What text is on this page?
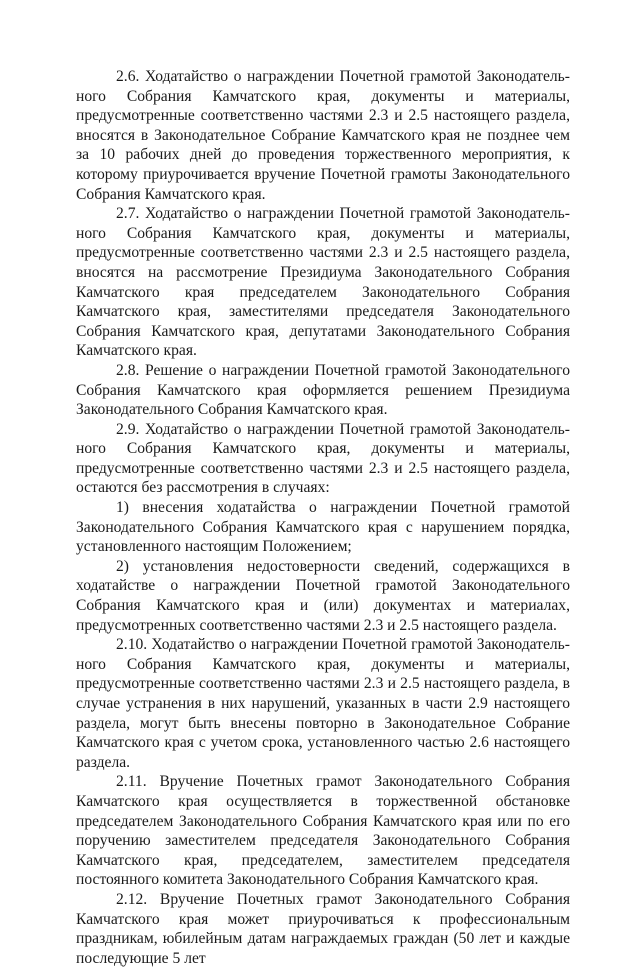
2.6. Ходатайство о награждении Почетной грамотой Законодательного Собрания Камчатского края, документы и материалы, предусмотренные соответственно частями 2.3 и 2.5 настоящего раздела, вносятся в Законодательное Собрание Камчатского края не позднее чем за 10 рабочих дней до проведения торжественного мероприятия, к которому приурочивается вручение Почетной грамоты Законодательного Собрания Камчатского края.

2.7. Ходатайство о награждении Почетной грамотой Законодательного Собрания Камчатского края, документы и материалы, предусмотренные соответственно частями 2.3 и 2.5 настоящего раздела, вносятся на рассмотрение Президиума Законодательного Собрания Камчатского края председателем Законодательного Собрания Камчатского края, заместителями председателя Законодательного Собрания Камчатского края, депутатами Законодательного Собрания Камчатского края.

2.8. Решение о награждении Почетной грамотой Законодательного Собрания Камчатского края оформляется решением Президиума Законодательного Собрания Камчатского края.

2.9. Ходатайство о награждении Почетной грамотой Законодательного Собрания Камчатского края, документы и материалы, предусмотренные соответственно частями 2.3 и 2.5 настоящего раздела, остаются без рассмотрения в случаях:

1) внесения ходатайства о награждении Почетной грамотой Законодательного Собрания Камчатского края с нарушением порядка, установленного настоящим Положением;

2) установления недостоверности сведений, содержащихся в ходатайстве о награждении Почетной грамотой Законодательного Собрания Камчатского края и (или) документах и материалах, предусмотренных соответственно частями 2.3 и 2.5 настоящего раздела.

2.10. Ходатайство о награждении Почетной грамотой Законодательного Собрания Камчатского края, документы и материалы, предусмотренные соответственно частями 2.3 и 2.5 настоящего раздела, в случае устранения в них нарушений, указанных в части 2.9 настоящего раздела, могут быть внесены повторно в Законодательное Собрание Камчатского края с учетом срока, установленного частью 2.6 настоящего раздела.

2.11. Вручение Почетных грамот Законодательного Собрания Камчатского края осуществляется в торжественной обстановке председателем Законодательного Собрания Камчатского края или по его поручению заместителем председателя Законодательного Собрания Камчатского края, председателем, заместителем председателя постоянного комитета Законодательного Собрания Камчатского края.

2.12. Вручение Почетных грамот Законодательного Собрания Камчатского края может приурочиваться к профессиональным праздникам, юбилейным датам награждаемых граждан (50 лет и каждые последующие 5 лет
